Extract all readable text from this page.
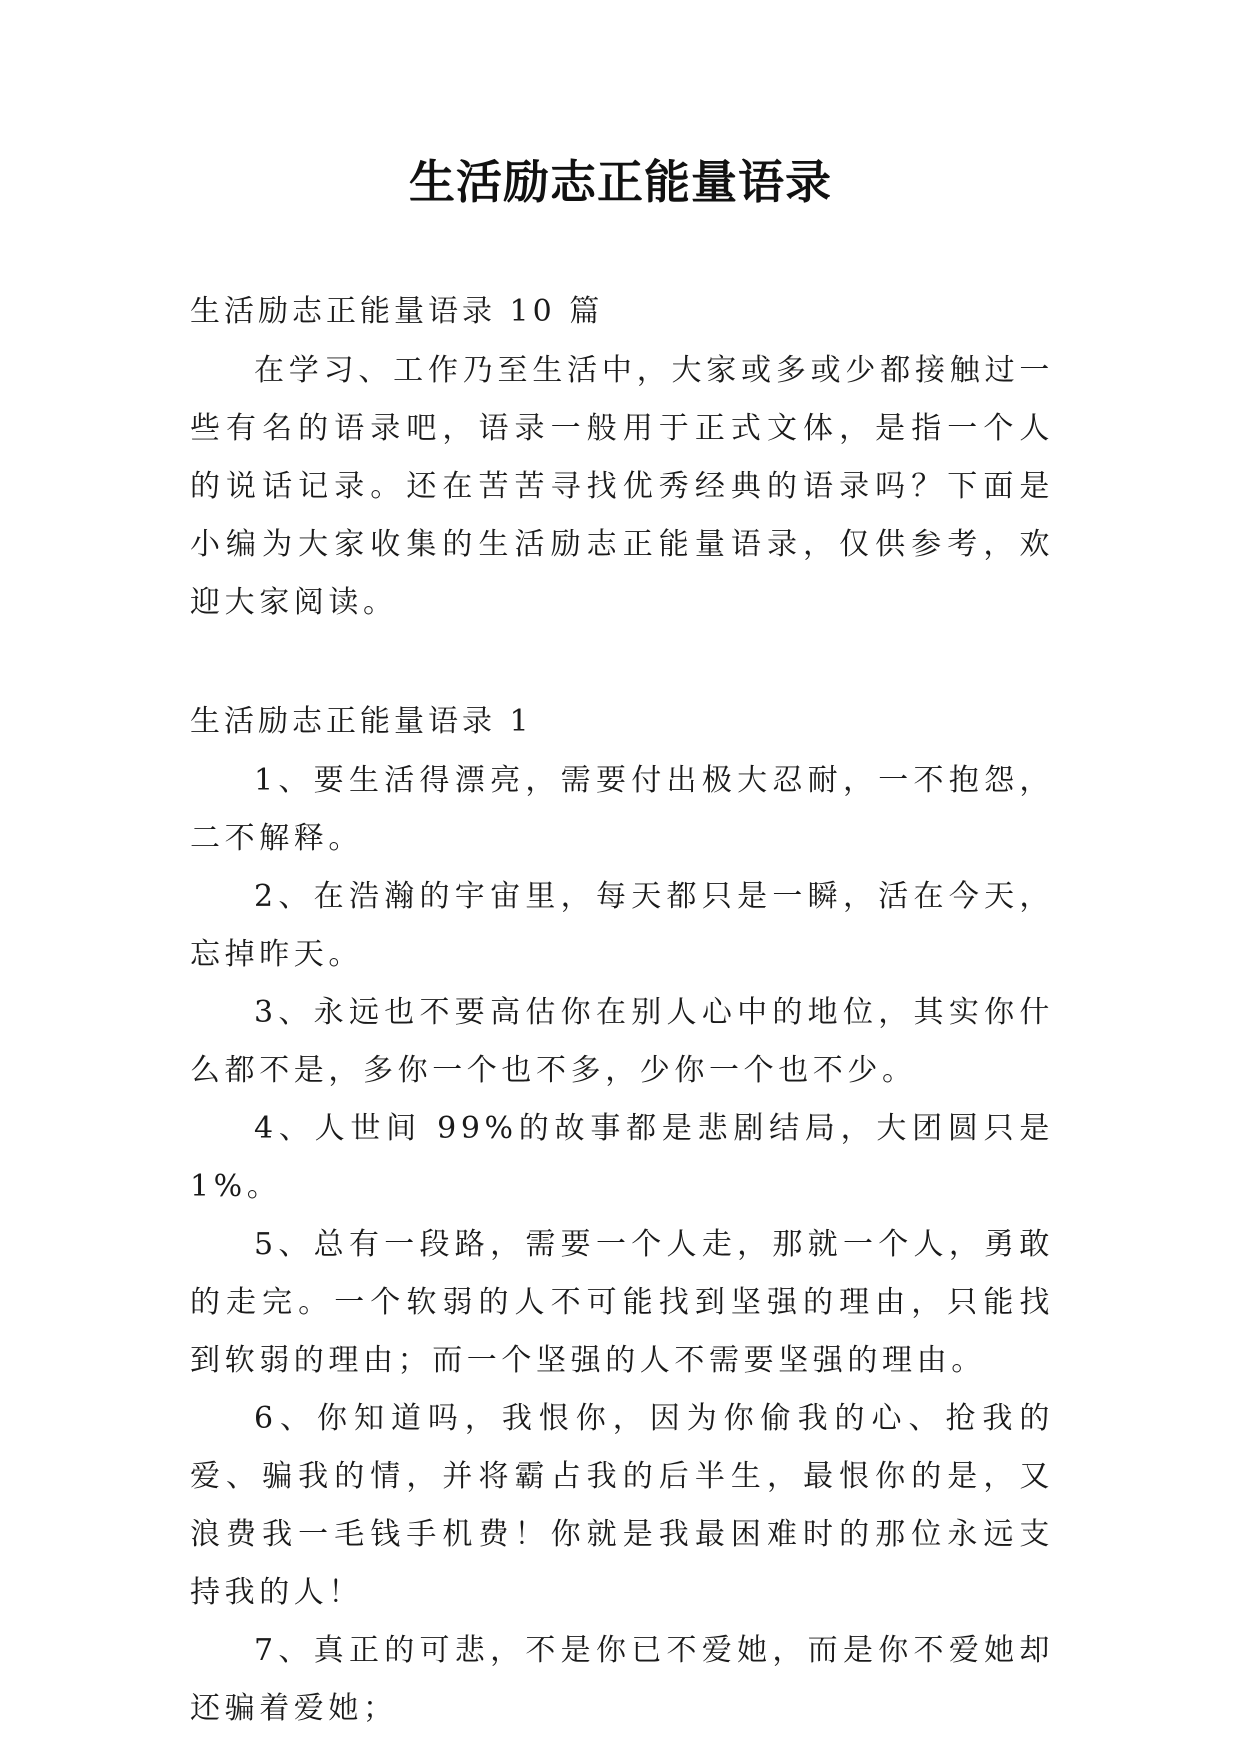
生活励志正能量语录
生活励志正能量语录 10 篇
在学习、工作乃至生活中，大家或多或少都接触过一些有名的语录吧，语录一般用于正式文体，是指一个人的说话记录。还在苦苦寻找优秀经典的语录吗？下面是小编为大家收集的生活励志正能量语录，仅供参考，欢迎大家阅读。
生活励志正能量语录 1
1、要生活得漂亮，需要付出极大忍耐，一不抱怨，二不解释。
2、在浩瀚的宇宙里，每天都只是一瞬，活在今天，忘掉昨天。
3、永远也不要高估你在别人心中的地位，其实你什么都不是，多你一个也不多，少你一个也不少。
4、人世间 99%的故事都是悲剧结局，大团圆只是 1%。
5、总有一段路，需要一个人走，那就一个人，勇敢的走完。一个软弱的人不可能找到坚强的理由，只能找到软弱的理由；而一个坚强的人不需要坚强的理由。
6、你知道吗，我恨你，因为你偷我的心、抢我的爱、骗我的情，并将霸占我的后半生，最恨你的是，又浪费我一毛钱手机费！你就是我最困难时的那位永远支持我的人！
7、真正的可悲，不是你已不爱她，而是你不爱她却还骗着爱她；
